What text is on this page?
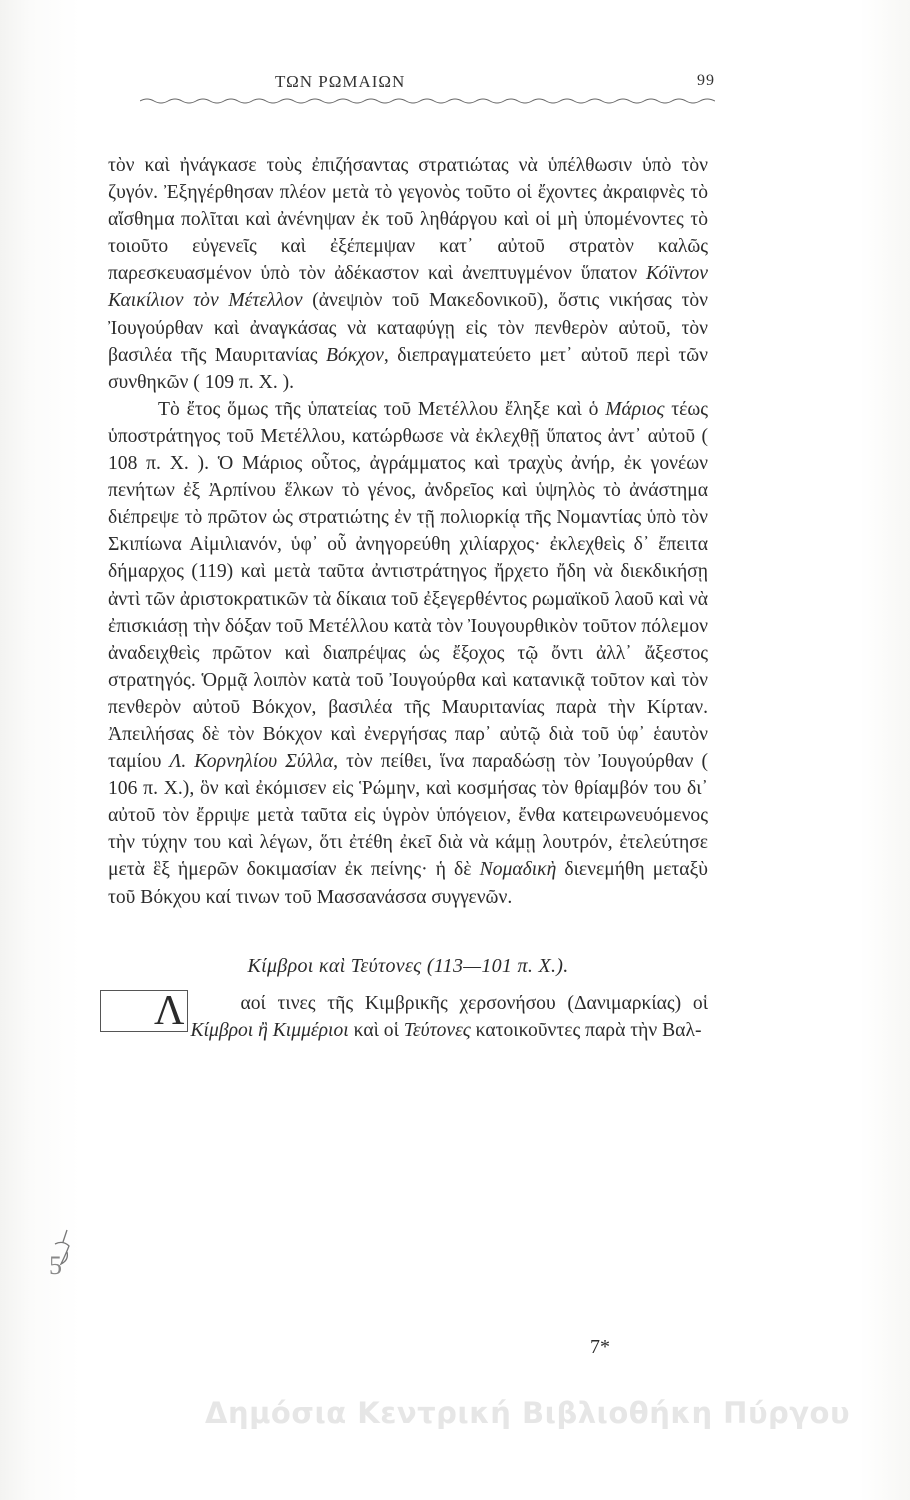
ΤΩΝ ΡΩΜΑΙΩΝ	99

τὸν καὶ ἠνάγκασε τοὺς ἐπιζήσαντας στρατιώτας νὰ ὑπέλθωσιν ὑπὸ τὸν ζυγόν. Ἐξηγέρθησαν πλέον μετὰ τὸ γεγονὸς τοῦτο οἱ ἔχοντες ἀκραιφνὲς τὸ αἴσθημα πολῖται καὶ ἀνένηψαν ἐκ τοῦ ληθάργου καὶ οἱ μὴ ὑπομένοντες τὸ τοιοῦτο εὐγενεῖς καὶ ἐξέπεμψαν κατ᾽ αὐτοῦ στρατὸν καλῶς παρεσκευασμένον ὑπὸ τὸν ἀδέκαστον καὶ ἀνεπτυγμένον ὕπατον Κόϊντον Καικίλιον τὸν Μέτελλον (ἀνεψιὸν τοῦ Μακεδονικοῦ), ὅστις νικήσας τὸν Ἰουγούρθαν καὶ ἀναγκάσας νὰ καταφύγῃ εἰς τὸν πενθερὸν αὐτοῦ, τὸν βασιλέα τῆς Μαυριτανίας Βόκχον, διεπραγματεύετο μετ᾽ αὐτοῦ περὶ τῶν συνθηκῶν ( 109 π. Χ. ).

Τὸ ἔτος ὅμως τῆς ὑπατείας τοῦ Μετέλλου ἔληξε καὶ ὁ Μάριος τέως ὑποστράτηγος τοῦ Μετέλλου, κατώρθωσε νὰ ἐκλεχθῇ ὕπατος ἀντ᾽ αὐτοῦ ( 108 π. Χ. ). Ὁ Μάριος οὗτος, ἀγράμματος καὶ τραχὺς ἀνήρ, ἐκ γονέων πενήτων ἐξ Ἀρπίνου ἕλκων τὸ γένος, ἀνδρεῖος καὶ ὑψηλὸς τὸ ἀνάστημα διέπρεψε τὸ πρῶτον ὡς στρατιώτης ἐν τῇ πολιορκίᾳ τῆς Νομαντίας ὑπὸ τὸν Σκιπίωνα Αἰμιλιανόν, ὑφ᾽ οὗ ἀνηγορεύθη χιλίαρχος· ἐκλεχθεὶς δ᾽ ἔπειτα δήμαρχος (119) καὶ μετὰ ταῦτα ἀντιστράτηγος ἤρχετο ἤδη νὰ διεκδικήσῃ ἀντὶ τῶν ἀριστοκρατικῶν τὰ δίκαια τοῦ ἐξεγερθέντος ρωμαϊκοῦ λαοῦ καὶ νὰ ἐπισκιάσῃ τὴν δόξαν τοῦ Μετέλλου κατὰ τὸν Ἰουγουρθικὸν τοῦτον πόλεμον ἀναδειχθεὶς πρῶτον καὶ διαπρέψας ὡς ἔξοχος τῷ ὄντι ἀλλ᾽ ἄξεστος στρατηγός. Ὁρμᾷ λοιπὸν κατὰ τοῦ Ἰουγούρθα καὶ κατανικᾷ τοῦτον καὶ τὸν πενθερὸν αὐτοῦ Βόκχον, βασιλέα τῆς Μαυριτανίας παρὰ τὴν Κίρταν. Ἀπειλήσας δὲ τὸν Βόκχον καὶ ἐνεργήσας παρ᾽ αὐτῷ διὰ τοῦ ὑφ᾽ ἑαυτὸν ταμίου Λ. Κορνηλίου Σύλλα, τὸν πείθει, ἵνα παραδώσῃ τὸν Ἰουγούρθαν ( 106 π. Χ.), ὃν καὶ ἐκόμισεν εἰς Ῥώμην, καὶ κοσμήσας τὸν θρίαμβόν του δι᾽ αὐτοῦ τὸν ἔρριψε μετὰ ταῦτα εἰς ὑγρὸν ὑπόγειον, ἔνθα κατειρωνευόμενος τὴν τύχην του καὶ λέγων, ὅτι ἐτέθη ἐκεῖ διὰ νὰ κάμῃ λουτρόν, ἐτελεύτησε μετὰ ἓξ ἡμερῶν δοκιμασίαν ἐκ πείνης· ἡ δὲ Νομαδικὴ διενεμήθη μεταξὺ τοῦ Βόκχου καί τινων τοῦ Μασσανάσσα συγγενῶν.

Κίμβροι καὶ Τεύτονες (113—101 π. Χ.).

Λ	αοί τινες τῆς Κιμβρικῆς χερσονήσου (Δανιμαρκίας) οἱ Κίμβροι ἢ Κιμμέριοι καὶ οἱ Τεύτονες κατοικοῦντες παρὰ τὴν Βαλ-

5
7*
Δημόσια Κεντρική Βιβλιοθήκη Πύργου
